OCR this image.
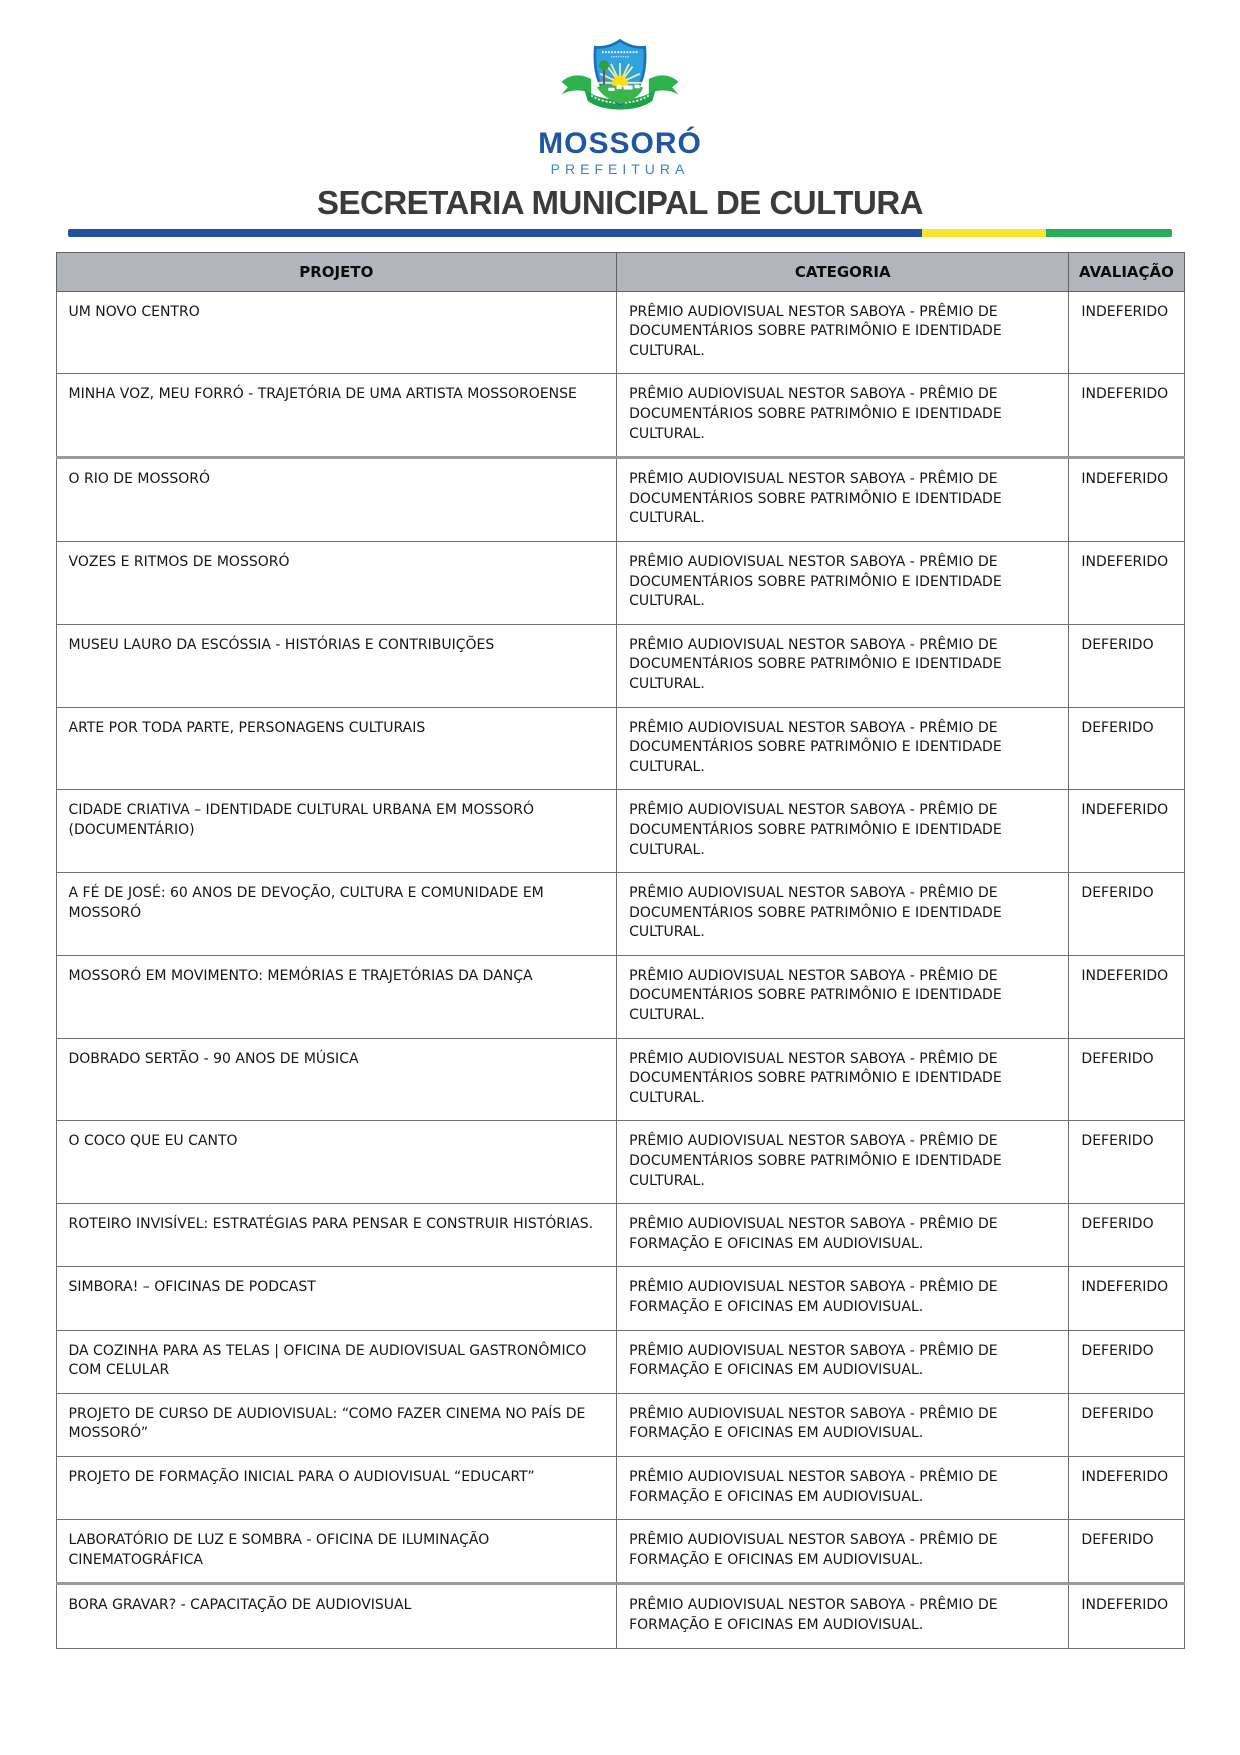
MOSSORÓ
PREFEITURA
SECRETARIA MUNICIPAL DE CULTURA
PROJETO	CATEGORIA	AVALIAÇÃO
UM NOVO CENTRO	PRÊMIO AUDIOVISUAL NESTOR SABOYA - PRÊMIO DE DOCUMENTÁRIOS SOBRE PATRIMÔNIO E IDENTIDADE CULTURAL.	INDEFERIDO
MINHA VOZ, MEU FORRÓ - TRAJETÓRIA DE UMA ARTISTA MOSSOROENSE	PRÊMIO AUDIOVISUAL NESTOR SABOYA - PRÊMIO DE DOCUMENTÁRIOS SOBRE PATRIMÔNIO E IDENTIDADE CULTURAL.	INDEFERIDO
O RIO DE MOSSORÓ	PRÊMIO AUDIOVISUAL NESTOR SABOYA - PRÊMIO DE DOCUMENTÁRIOS SOBRE PATRIMÔNIO E IDENTIDADE CULTURAL.	INDEFERIDO
VOZES E RITMOS DE MOSSORÓ	PRÊMIO AUDIOVISUAL NESTOR SABOYA - PRÊMIO DE DOCUMENTÁRIOS SOBRE PATRIMÔNIO E IDENTIDADE CULTURAL.	INDEFERIDO
MUSEU LAURO DA ESCÓSSIA - HISTÓRIAS E CONTRIBUIÇÕES	PRÊMIO AUDIOVISUAL NESTOR SABOYA - PRÊMIO DE DOCUMENTÁRIOS SOBRE PATRIMÔNIO E IDENTIDADE CULTURAL.	DEFERIDO
ARTE POR TODA PARTE, PERSONAGENS CULTURAIS	PRÊMIO AUDIOVISUAL NESTOR SABOYA - PRÊMIO DE DOCUMENTÁRIOS SOBRE PATRIMÔNIO E IDENTIDADE CULTURAL.	DEFERIDO
CIDADE CRIATIVA – IDENTIDADE CULTURAL URBANA EM MOSSORÓ (DOCUMENTÁRIO)	PRÊMIO AUDIOVISUAL NESTOR SABOYA - PRÊMIO DE DOCUMENTÁRIOS SOBRE PATRIMÔNIO E IDENTIDADE CULTURAL.	INDEFERIDO
A FÉ DE JOSÉ: 60 ANOS DE DEVOÇÃO, CULTURA E COMUNIDADE EM MOSSORÓ	PRÊMIO AUDIOVISUAL NESTOR SABOYA - PRÊMIO DE DOCUMENTÁRIOS SOBRE PATRIMÔNIO E IDENTIDADE CULTURAL.	DEFERIDO
MOSSORÓ EM MOVIMENTO: MEMÓRIAS E TRAJETÓRIAS DA DANÇA	PRÊMIO AUDIOVISUAL NESTOR SABOYA - PRÊMIO DE DOCUMENTÁRIOS SOBRE PATRIMÔNIO E IDENTIDADE CULTURAL.	INDEFERIDO
DOBRADO SERTÃO - 90 ANOS DE MÚSICA	PRÊMIO AUDIOVISUAL NESTOR SABOYA - PRÊMIO DE DOCUMENTÁRIOS SOBRE PATRIMÔNIO E IDENTIDADE CULTURAL.	DEFERIDO
O COCO QUE EU CANTO	PRÊMIO AUDIOVISUAL NESTOR SABOYA - PRÊMIO DE DOCUMENTÁRIOS SOBRE PATRIMÔNIO E IDENTIDADE CULTURAL.	DEFERIDO
ROTEIRO INVISÍVEL: ESTRATÉGIAS PARA PENSAR E CONSTRUIR HISTÓRIAS.	PRÊMIO AUDIOVISUAL NESTOR SABOYA - PRÊMIO DE FORMAÇÃO E OFICINAS EM AUDIOVISUAL.	DEFERIDO
SIMBORA! – OFICINAS DE PODCAST	PRÊMIO AUDIOVISUAL NESTOR SABOYA - PRÊMIO DE FORMAÇÃO E OFICINAS EM AUDIOVISUAL.	INDEFERIDO
DA COZINHA PARA AS TELAS | OFICINA DE AUDIOVISUAL GASTRONÔMICO COM CELULAR	PRÊMIO AUDIOVISUAL NESTOR SABOYA - PRÊMIO DE FORMAÇÃO E OFICINAS EM AUDIOVISUAL.	DEFERIDO
PROJETO DE CURSO DE AUDIOVISUAL: “COMO FAZER CINEMA NO PAÍS DE MOSSORÓ”	PRÊMIO AUDIOVISUAL NESTOR SABOYA - PRÊMIO DE FORMAÇÃO E OFICINAS EM AUDIOVISUAL.	DEFERIDO
PROJETO DE FORMAÇÃO INICIAL PARA O AUDIOVISUAL “EDUCART”	PRÊMIO AUDIOVISUAL NESTOR SABOYA - PRÊMIO DE FORMAÇÃO E OFICINAS EM AUDIOVISUAL.	INDEFERIDO
LABORATÓRIO DE LUZ E SOMBRA - OFICINA DE ILUMINAÇÃO CINEMATOGRÁFICA	PRÊMIO AUDIOVISUAL NESTOR SABOYA - PRÊMIO DE FORMAÇÃO E OFICINAS EM AUDIOVISUAL.	DEFERIDO
BORA GRAVAR? - CAPACITAÇÃO DE AUDIOVISUAL	PRÊMIO AUDIOVISUAL NESTOR SABOYA - PRÊMIO DE FORMAÇÃO E OFICINAS EM AUDIOVISUAL.	INDEFERIDO
